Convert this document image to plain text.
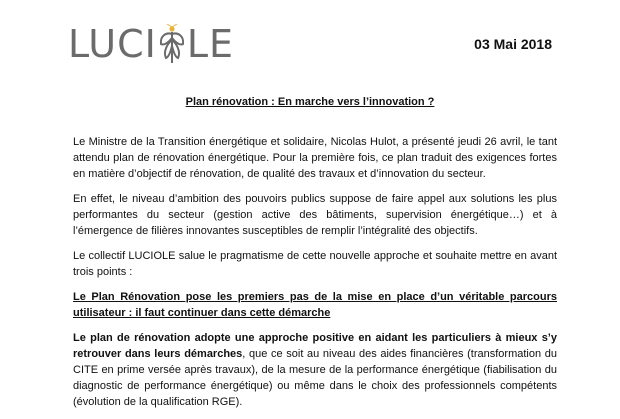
LUCI LE	03 Mai 2018
Plan rénovation : En marche vers l’innovation ?

Le Ministre de la Transition énergétique et solidaire, Nicolas Hulot, a présenté jeudi 26 avril, le tant attendu plan de rénovation énergétique. Pour la première fois, ce plan traduit des exigences fortes en matière d’objectif de rénovation, de qualité des travaux et d’innovation du secteur.

En effet, le niveau d’ambition des pouvoirs publics suppose de faire appel aux solutions les plus performantes du secteur (gestion active des bâtiments, supervision énergétique…) et à l’émergence de filières innovantes susceptibles de remplir l’intégralité des objectifs.

Le collectif LUCIOLE salue le pragmatisme de cette nouvelle approche et souhaite mettre en avant trois points :

Le Plan Rénovation pose les premiers pas de la mise en place d’un véritable parcours utilisateur : il faut continuer dans cette démarche

Le plan de rénovation adopte une approche positive en aidant les particuliers à mieux s’y retrouver dans leurs démarches, que ce soit au niveau des aides financières (transformation du CITE en prime versée après travaux), de la mesure de la performance énergétique (fiabilisation du diagnostic de performance énergétique) ou même dans le choix des professionnels compétents (évolution de la qualification RGE).
